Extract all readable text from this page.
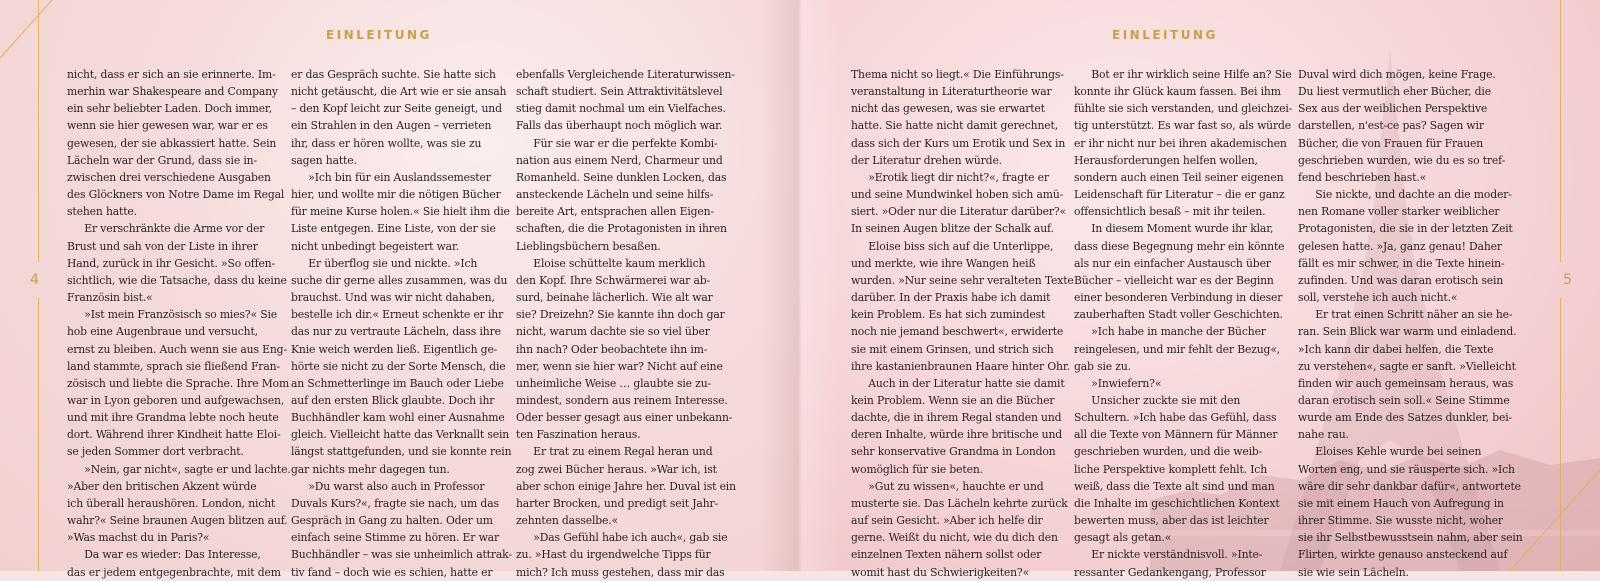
EINLEITUNG
4

nicht, dass er sich an sie erinnerte. Im-

merhin war Shakespeare and Company

ein sehr beliebter Laden. Doch immer,

wenn sie hier gewesen war, war er es

gewesen, der sie abkassiert hatte. Sein

Lächeln war der Grund, dass sie in-

zwischen drei verschiedene Ausgaben

des Glöckners von Notre Dame im Regal

stehen hatte.

Er verschränkte die Arme vor der

Brust und sah von der Liste in ihrer

Hand, zurück in ihr Gesicht. »So offen-

sichtlich, wie die Tatsache, dass du keine

Französin bist.«

»Ist mein Französisch so mies?« Sie

hob eine Augenbraue und versucht,

ernst zu bleiben. Auch wenn sie aus Eng-

land stammte, sprach sie fließend Fran-

zösisch und liebte die Sprache. Ihre Mom

war in Lyon geboren und aufgewachsen,

und mit ihre Grandma lebte noch heute

dort. Während ihrer Kindheit hatte Eloi-

se jeden Sommer dort verbracht.

»Nein, gar nicht«, sagte er und lachte.

»Aber den britischen Akzent würde

ich überall heraushören. London, nicht

wahr?« Seine braunen Augen blitzen auf.

»Was machst du in Paris?«

Da war es wieder: Das Interesse,

das er jedem entgegenbrachte, mit dem

er das Gespräch suchte. Sie hatte sich

nicht getäuscht, die Art wie er sie ansah

– den Kopf leicht zur Seite geneigt, und

ein Strahlen in den Augen – verrieten

ihr, dass er hören wollte, was sie zu

sagen hatte.

»Ich bin für ein Auslandssemester

hier, und wollte mir die nötigen Bücher

für meine Kurse holen.« Sie hielt ihm die

Liste entgegen. Eine Liste, von der sie

nicht unbedingt begeistert war.

Er überflog sie und nickte. »Ich

suche dir gerne alles zusammen, was du

brauchst. Und was wir nicht dahaben,

bestelle ich dir.« Erneut schenkte er ihr

das nur zu vertraute Lächeln, dass ihre

Knie weich werden ließ. Eigentlich ge-

hörte sie nicht zu der Sorte Mensch, die

an Schmetterlinge im Bauch oder Liebe

auf den ersten Blick glaubte. Doch ihr

Buchhändler kam wohl einer Ausnahme

gleich. Vielleicht hatte das Verknallt sein

längst stattgefunden, und sie konnte rein

gar nichts mehr dagegen tun.

»Du warst also auch in Professor

Duvals Kurs?«, fragte sie nach, um das

Gespräch in Gang zu halten. Oder um

einfach seine Stimme zu hören. Er war

Buchhändler – was sie unheimlich attrak-

tiv fand – doch wie es schien, hatte er

ebenfalls Vergleichende Literaturwissen-

schaft studiert. Sein Attraktivitätslevel

stieg damit nochmal um ein Vielfaches.

Falls das überhaupt noch möglich war.

Für sie war er die perfekte Kombi-

nation aus einem Nerd, Charmeur und

Romanheld. Seine dunklen Locken, das

ansteckende Lächeln und seine hilfs-

bereite Art, entsprachen allen Eigen-

schaften, die die Protagonisten in ihren

Lieblingsbüchern besaßen.

Eloise schüttelte kaum merklich

den Kopf. Ihre Schwärmerei war ab-

surd, beinahe lächerlich. Wie alt war

sie? Dreizehn? Sie kannte ihn doch gar

nicht, warum dachte sie so viel über

ihn nach? Oder beobachtete ihn im-

mer, wenn sie hier war? Nicht auf eine

unheimliche Weise … glaubte sie zu-

mindest, sondern aus reinem Interesse.

Oder besser gesagt aus einer unbekann-

ten Faszination heraus.

Er trat zu einem Regal heran und

zog zwei Bücher heraus. »War ich, ist

aber schon einige Jahre her. Duval ist ein

harter Brocken, und predigt seit Jahr-

zehnten dasselbe.«

»Das Gefühl habe ich auch«, gab sie

zu. »Hast du irgendwelche Tipps für

mich? Ich muss gestehen, dass mir das

EINLEITUNG
5

Thema nicht so liegt.« Die Einführungs-

veranstaltung in Literaturtheorie war

nicht das gewesen, was sie erwartet

hatte. Sie hatte nicht damit gerechnet,

dass sich der Kurs um Erotik und Sex in

der Literatur drehen würde.

»Erotik liegt dir nicht?«, fragte er

und seine Mundwinkel hoben sich amü-

siert. »Oder nur die Literatur darüber?«

In seinen Augen blitze der Schalk auf.

Eloise biss sich auf die Unterlippe,

und merkte, wie ihre Wangen heiß

wurden. »Nur seine sehr veralteten Texte

darüber. In der Praxis habe ich damit

kein Problem. Es hat sich zumindest

noch nie jemand beschwert«, erwiderte

sie mit einem Grinsen, und strich sich

ihre kastanienbraunen Haare hinter Ohr.

Auch in der Literatur hatte sie damit

kein Problem. Wenn sie an die Bücher

dachte, die in ihrem Regal standen und

deren Inhalte, würde ihre britische und

sehr konservative Grandma in London

womöglich für sie beten.

»Gut zu wissen«, hauchte er und

musterte sie. Das Lächeln kehrte zurück

auf sein Gesicht. »Aber ich helfe dir

gerne. Weißt du nicht, wie du dich den

einzelnen Texten nähern sollst oder

womit hast du Schwierigkeiten?«

Bot er ihr wirklich seine Hilfe an? Sie

konnte ihr Glück kaum fassen. Bei ihm

fühlte sie sich verstanden, und gleichzei-

tig unterstützt. Es war fast so, als würde

er ihr nicht nur bei ihren akademischen

Herausforderungen helfen wollen,

sondern auch einen Teil seiner eigenen

Leidenschaft für Literatur – die er ganz

offensichtlich besaß – mit ihr teilen.

In diesem Moment wurde ihr klar,

dass diese Begegnung mehr ein könnte

als nur ein einfacher Austausch über

Bücher – vielleicht war es der Beginn

einer besonderen Verbindung in dieser

zauberhaften Stadt voller Geschichten.

»Ich habe in manche der Bücher

reingelesen, und mir fehlt der Bezug«,

gab sie zu.

»Inwiefern?«

Unsicher zuckte sie mit den

Schultern. »Ich habe das Gefühl, dass

all die Texte von Männern für Männer

geschrieben wurden, und die weib-

liche Perspektive komplett fehlt. Ich

weiß, dass die Texte alt sind und man

die Inhalte im geschichtlichen Kontext

bewerten muss, aber das ist leichter

gesagt als getan.«

Er nickte verständnisvoll. »Inte-

ressanter Gedankengang, Professor

Duval wird dich mögen, keine Frage.

Du liest vermutlich eher Bücher, die

Sex aus der weiblichen Perspektive

darstellen, n'est-ce pas? Sagen wir

Bücher, die von Frauen für Frauen

geschrieben wurden, wie du es so tref-

fend beschrieben hast.«

Sie nickte, und dachte an die moder-

nen Romane voller starker weiblicher

Protagonisten, die sie in der letzten Zeit

gelesen hatte. »Ja, ganz genau! Daher

fällt es mir schwer, in die Texte hinein-

zufinden. Und was daran erotisch sein

soll, verstehe ich auch nicht.«

Er trat einen Schritt näher an sie he-

ran. Sein Blick war warm und einladend.

»Ich kann dir dabei helfen, die Texte

zu verstehen«, sagte er sanft. »Vielleicht

finden wir auch gemeinsam heraus, was

daran erotisch sein soll.« Seine Stimme

wurde am Ende des Satzes dunkler, bei-

nahe rau.

Eloises Kehle wurde bei seinen

Worten eng, und sie räusperte sich. »Ich

wäre dir sehr dankbar dafür«, antwortete

sie mit einem Hauch von Aufregung in

ihrer Stimme. Sie wusste nicht, woher

sie ihr Selbstbewusstsein nahm, aber sein

Flirten, wirkte genauso ansteckend auf

sie wie sein Lächeln.
